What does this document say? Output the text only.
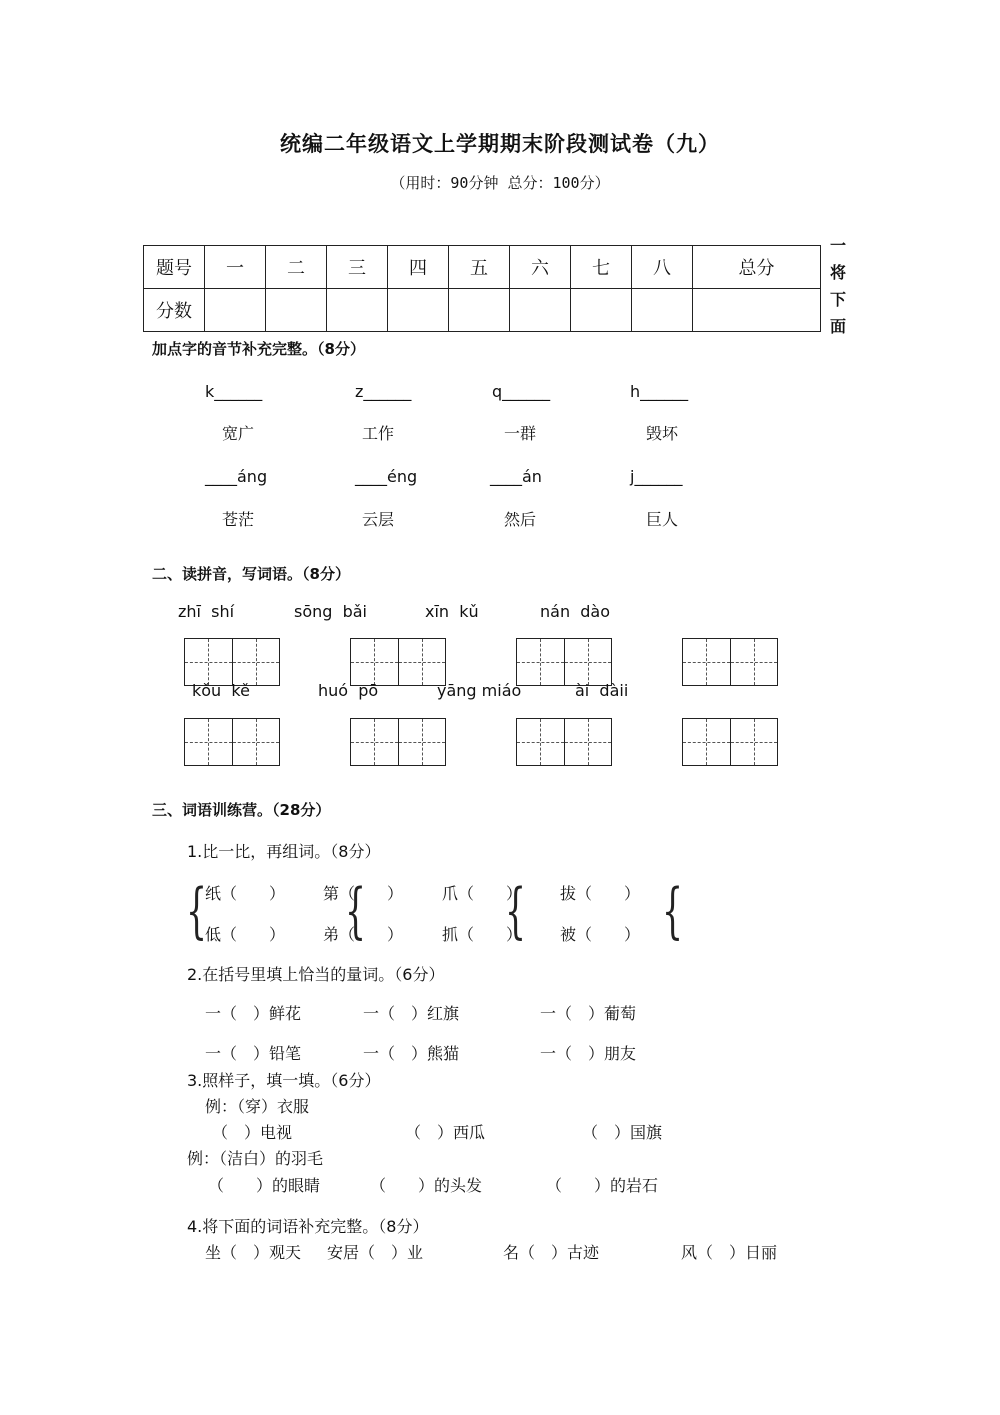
统编二年级语文上学期期末阶段测试卷（九）
（用时：90分钟 总分：100分）
题号	一	二	三	四	五	六	七	八	总分
分数									
一
将
下
面
加点字的音节补充完整。（8分）
k______	z______	q______	h______
宽广	工作	一群	毁坏
____áng	____éng	____án	j______
苍茫	云层	然后	巨人
二、读拼音，写词语。（8分）
zhī  shí	sōng  bǎi	xīn  kǔ	nán  dào
kǒu  kě	huó  pō	yāng miáo	ài  dàii
三、词语训练营。（28分）
1.比一比，再组词。（8分）
{ { { {
纸（　　） 第（　　） 爪（　　） 拔（　　）
低（　　） 弟（　　） 抓（　　） 被（　　）
2.在括号里填上恰当的量词。（6分）
一（　）鲜花	一（　）红旗	一（　）葡萄
一（　）铅笔	一（　）熊猫	一（　）朋友
3.照样子，填一填。（6分）
例：（穿）衣服
（　）电视	（　）西瓜	（　）国旗
例：（洁白）的羽毛
（　　）的眼睛	（　　）的头发	（　　）的岩石
4.将下面的词语补充完整。（8分）
坐（　）观天 安居（　）业	名（　）古迹	风（　）日丽
